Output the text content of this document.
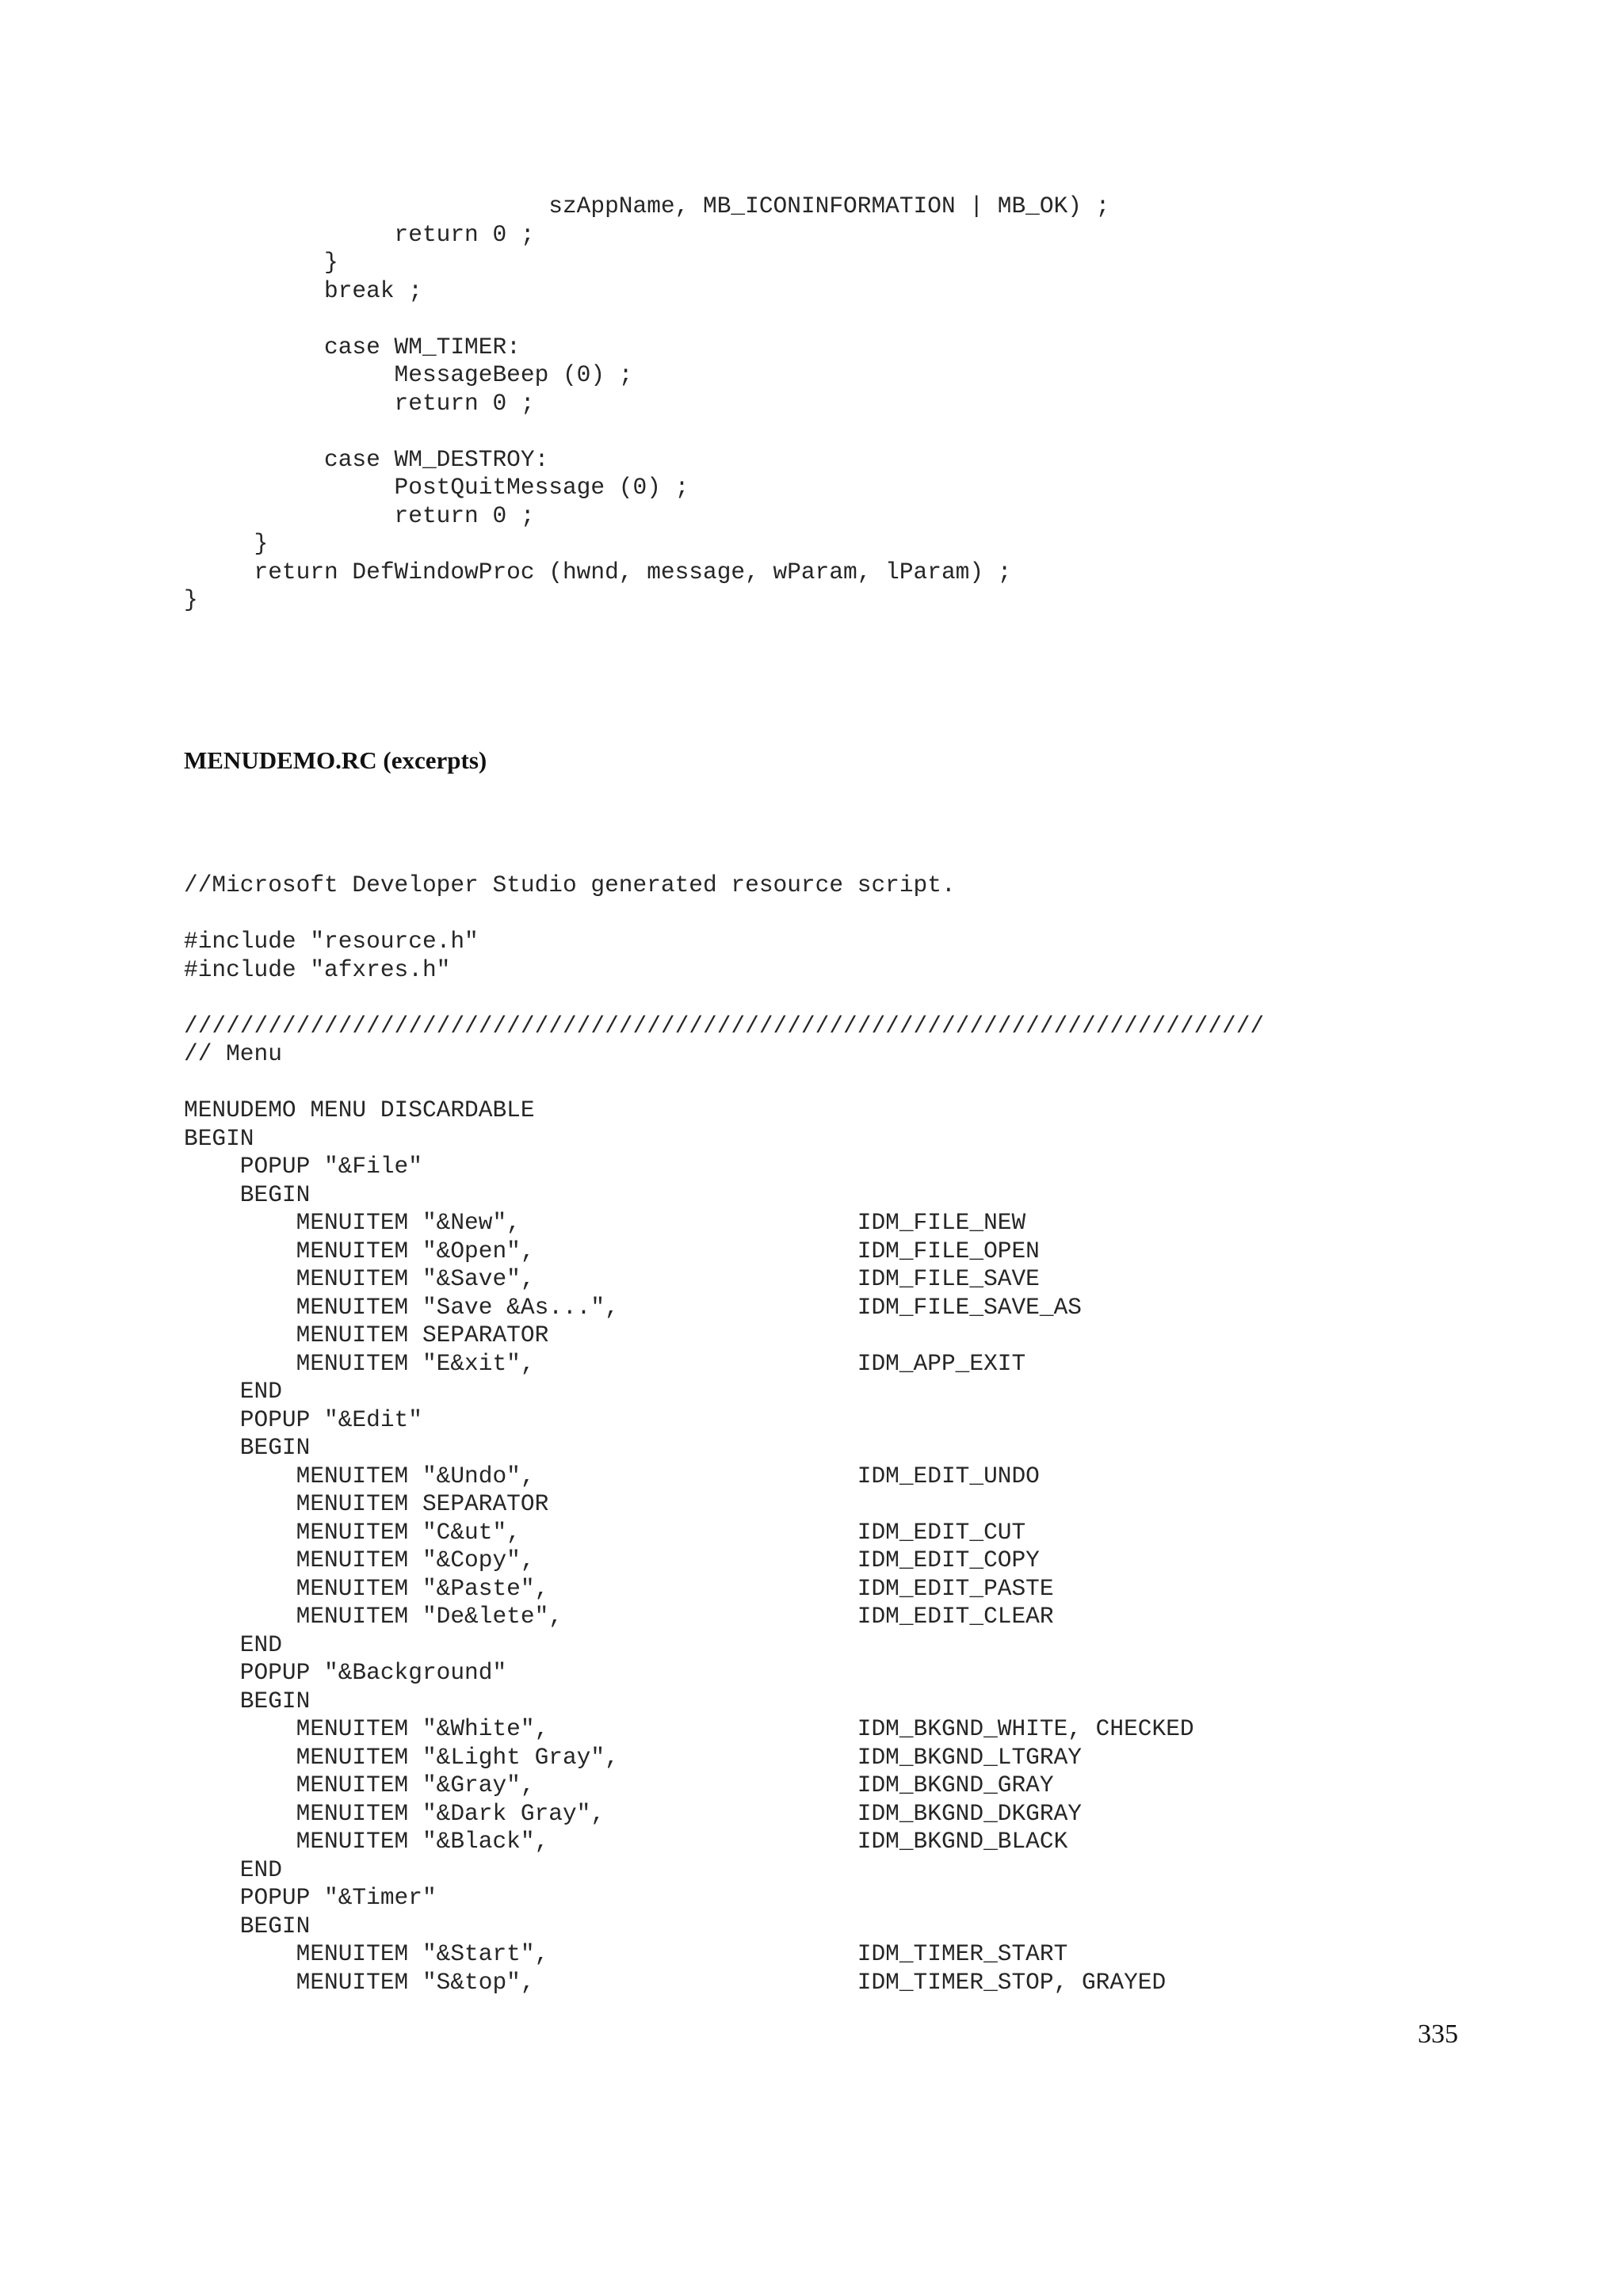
szAppName, MB_ICONINFORMATION | MB_OK) ;
return 0 ;
}
break ;
case WM_TIMER:
MessageBeep (0) ;
return 0 ;
case WM_DESTROY:
PostQuitMessage (0) ;
return 0 ;
}
return DefWindowProc (hwnd, message, wParam, lParam) ;
}
MENUDEMO.RC (excerpts)
//Microsoft Developer Studio generated resource script.
#include "resource.h"
#include "afxres.h"
/////////////////////////////////////////////////////////////////////////////
// Menu
MENUDEMO MENU DISCARDABLE
BEGIN
POPUP "&File"
BEGIN
MENUITEM "&New",                        IDM_FILE_NEW
MENUITEM "&Open",                       IDM_FILE_OPEN
MENUITEM "&Save",                       IDM_FILE_SAVE
MENUITEM "Save &As...",                 IDM_FILE_SAVE_AS
MENUITEM SEPARATOR
MENUITEM "E&xit",                       IDM_APP_EXIT
END
POPUP "&Edit"
BEGIN
MENUITEM "&Undo",                       IDM_EDIT_UNDO
MENUITEM SEPARATOR
MENUITEM "C&ut",                        IDM_EDIT_CUT
MENUITEM "&Copy",                       IDM_EDIT_COPY
MENUITEM "&Paste",                      IDM_EDIT_PASTE
MENUITEM "De&lete",                     IDM_EDIT_CLEAR
END
POPUP "&Background"
BEGIN
MENUITEM "&White",                      IDM_BKGND_WHITE, CHECKED
MENUITEM "&Light Gray",                 IDM_BKGND_LTGRAY
MENUITEM "&Gray",                       IDM_BKGND_GRAY
MENUITEM "&Dark Gray",                  IDM_BKGND_DKGRAY
MENUITEM "&Black",                      IDM_BKGND_BLACK
END
POPUP "&Timer"
BEGIN
MENUITEM "&Start",                      IDM_TIMER_START
MENUITEM "S&top",                       IDM_TIMER_STOP, GRAYED
335
